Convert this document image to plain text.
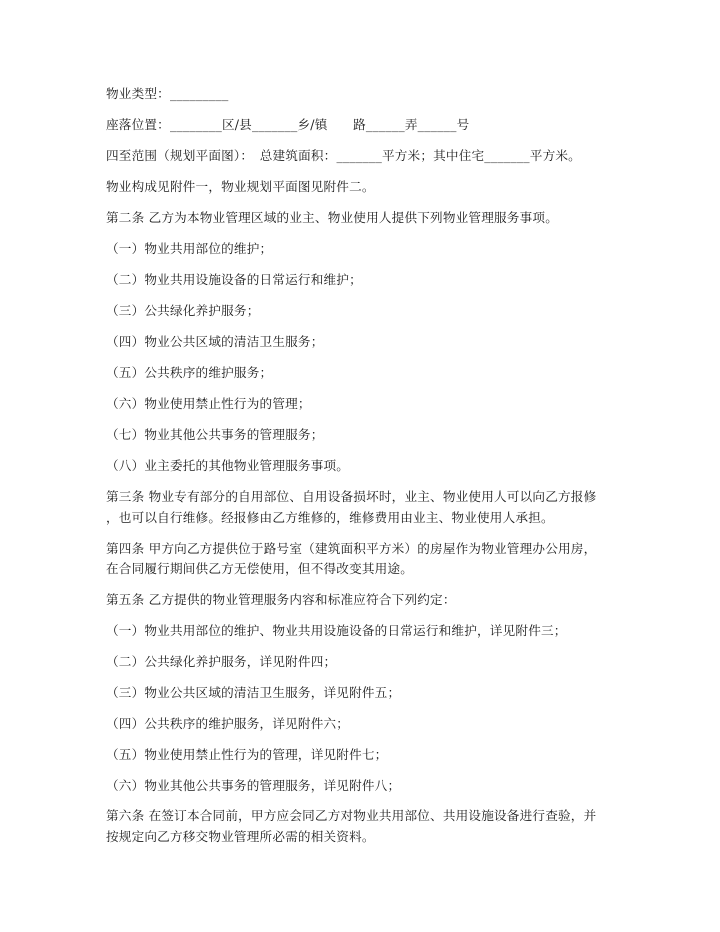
物业类型：_________
座落位置：________区/县_______乡/镇　　路______弄______号
四至范围（规划平面图）：　总建筑面积：_______平方米；其中住宅_______平方米。
物业构成见附件一，物业规划平面图见附件二。
第二条 乙方为本物业管理区域的业主、物业使用人提供下列物业管理服务事项。
（一）物业共用部位的维护；
（二）物业共用设施设备的日常运行和维护；
（三）公共绿化养护服务；
（四）物业公共区域的清洁卫生服务；
（五）公共秩序的维护服务；
（六）物业使用禁止性行为的管理；
（七）物业其他公共事务的管理服务；
（八）业主委托的其他物业管理服务事项。
第三条 物业专有部分的自用部位、自用设备损坏时，业主、物业使用人可以向乙方报修
，也可以自行维修。经报修由乙方维修的，维修费用由业主、物业使用人承担。
第四条 甲方向乙方提供位于路号室（建筑面积平方米）的房屋作为物业管理办公用房，
在合同履行期间供乙方无偿使用，但不得改变其用途。
第五条 乙方提供的物业管理服务内容和标准应符合下列约定：
（一）物业共用部位的维护、物业共用设施设备的日常运行和维护，详见附件三；
（二）公共绿化养护服务，详见附件四；
（三）物业公共区域的清洁卫生服务，详见附件五；
（四）公共秩序的维护服务，详见附件六；
（五）物业使用禁止性行为的管理，详见附件七；
（六）物业其他公共事务的管理服务，详见附件八；
第六条 在签订本合同前，甲方应会同乙方对物业共用部位、共用设施设备进行查验，并
按规定向乙方移交物业管理所必需的相关资料。
